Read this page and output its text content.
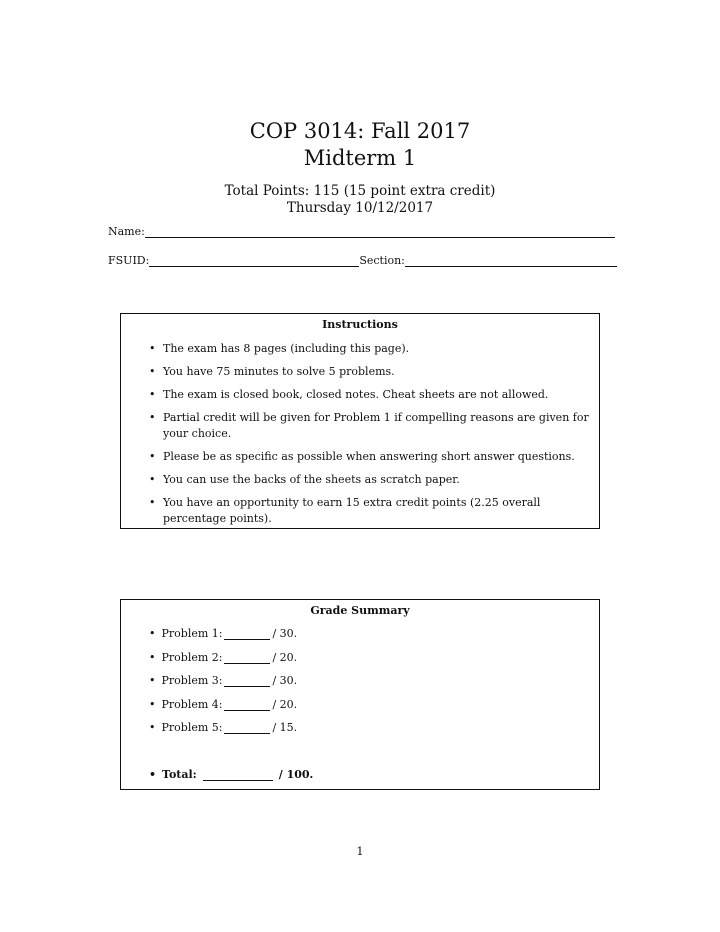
COP 3014: Fall 2017
Midterm 1
Total Points: 115 (15 point extra credit)
Thursday 10/12/2017
Name:
FSUID:	Section:
Instructions
• The exam has 8 pages (including this page).
• You have 75 minutes to solve 5 problems.
• The exam is closed book, closed notes. Cheat sheets are not allowed.
• Partial credit will be given for Problem 1 if compelling reasons are given for your choice.
• Please be as specific as possible when answering short answer questions.
• You can use the backs of the sheets as scratch paper.
• You have an opportunity to earn 15 extra credit points (2.25 overall percentage points).
Grade Summary
• Problem 1:	/ 30.
• Problem 2:	/ 20.
• Problem 3:	/ 30.
• Problem 4:	/ 20.
• Problem 5:	/ 15.
• Total:	/ 100.
1
